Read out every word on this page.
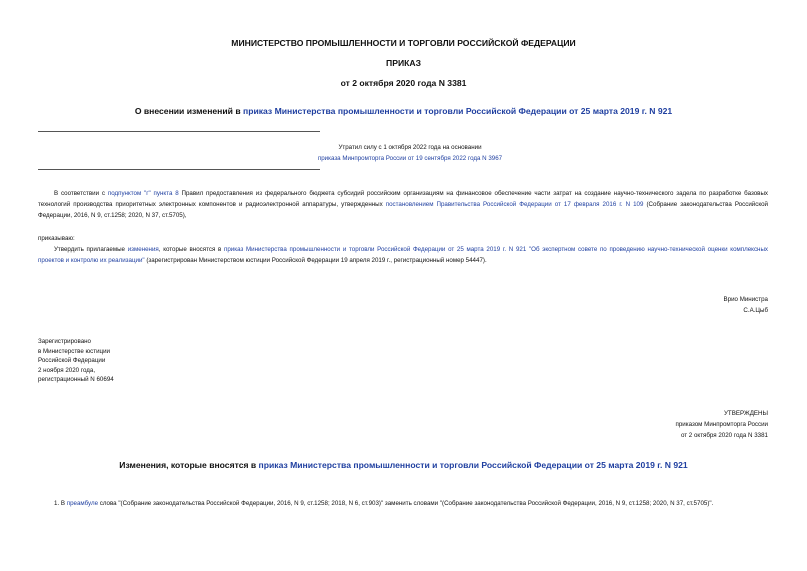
МИНИСТЕРСТВО ПРОМЫШЛЕННОСТИ И ТОРГОВЛИ РОССИЙСКОЙ ФЕДЕРАЦИИ
ПРИКАЗ
от 2 октября 2020 года N 3381
О внесении изменений в приказ Министерства промышленности и торговли Российской Федерации от 25 марта 2019 г. N 921
Утратил силу с 1 октября 2022 года на основании
приказа Минпромторга России от 19 сентября 2022 года N 3967
В соответствии с подпунктом "г" пункта 8 Правил предоставления из федерального бюджета субсидий российским организациям на финансовое обеспечение части затрат на создание научно-технического задела по разработке базовых технологий производства приоритетных электронных компонентов и радиоэлектронной аппаратуры, утвержденных постановлением Правительства Российской Федерации от 17 февраля 2016 г. N 109 (Собрание законодательства Российской Федерации, 2016, N 9, ст.1258; 2020, N 37, ст.5705),
приказываю:
Утвердить прилагаемые изменения, которые вносятся в приказ Министерства промышленности и торговли Российской Федерации от 25 марта 2019 г. N 921 "Об экспертном совете по проведению научно-технической оценки комплексных проектов и контролю их реализации" (зарегистрирован Министерством юстиции Российской Федерации 19 апреля 2019 г., регистрационный номер 54447).
Врио Министра
С.А.Цыб
Зарегистрировано
в Министерстве юстиции
Российской Федерации
2 ноября 2020 года,
регистрационный N 60694
УТВЕРЖДЕНЫ
приказом Минпромторга России
от 2 октября 2020 года N 3381
Изменения, которые вносятся в приказ Министерства промышленности и торговли Российской Федерации от 25 марта 2019 г. N 921
1. В преамбуле слова "(Собрание законодательства Российской Федерации, 2016, N 9, ст.1258; 2018, N 6, ст.903)" заменить словами "(Собрание законодательства Российской Федерации, 2016, N 9, ст.1258; 2020, N 37, ст.5705)".
